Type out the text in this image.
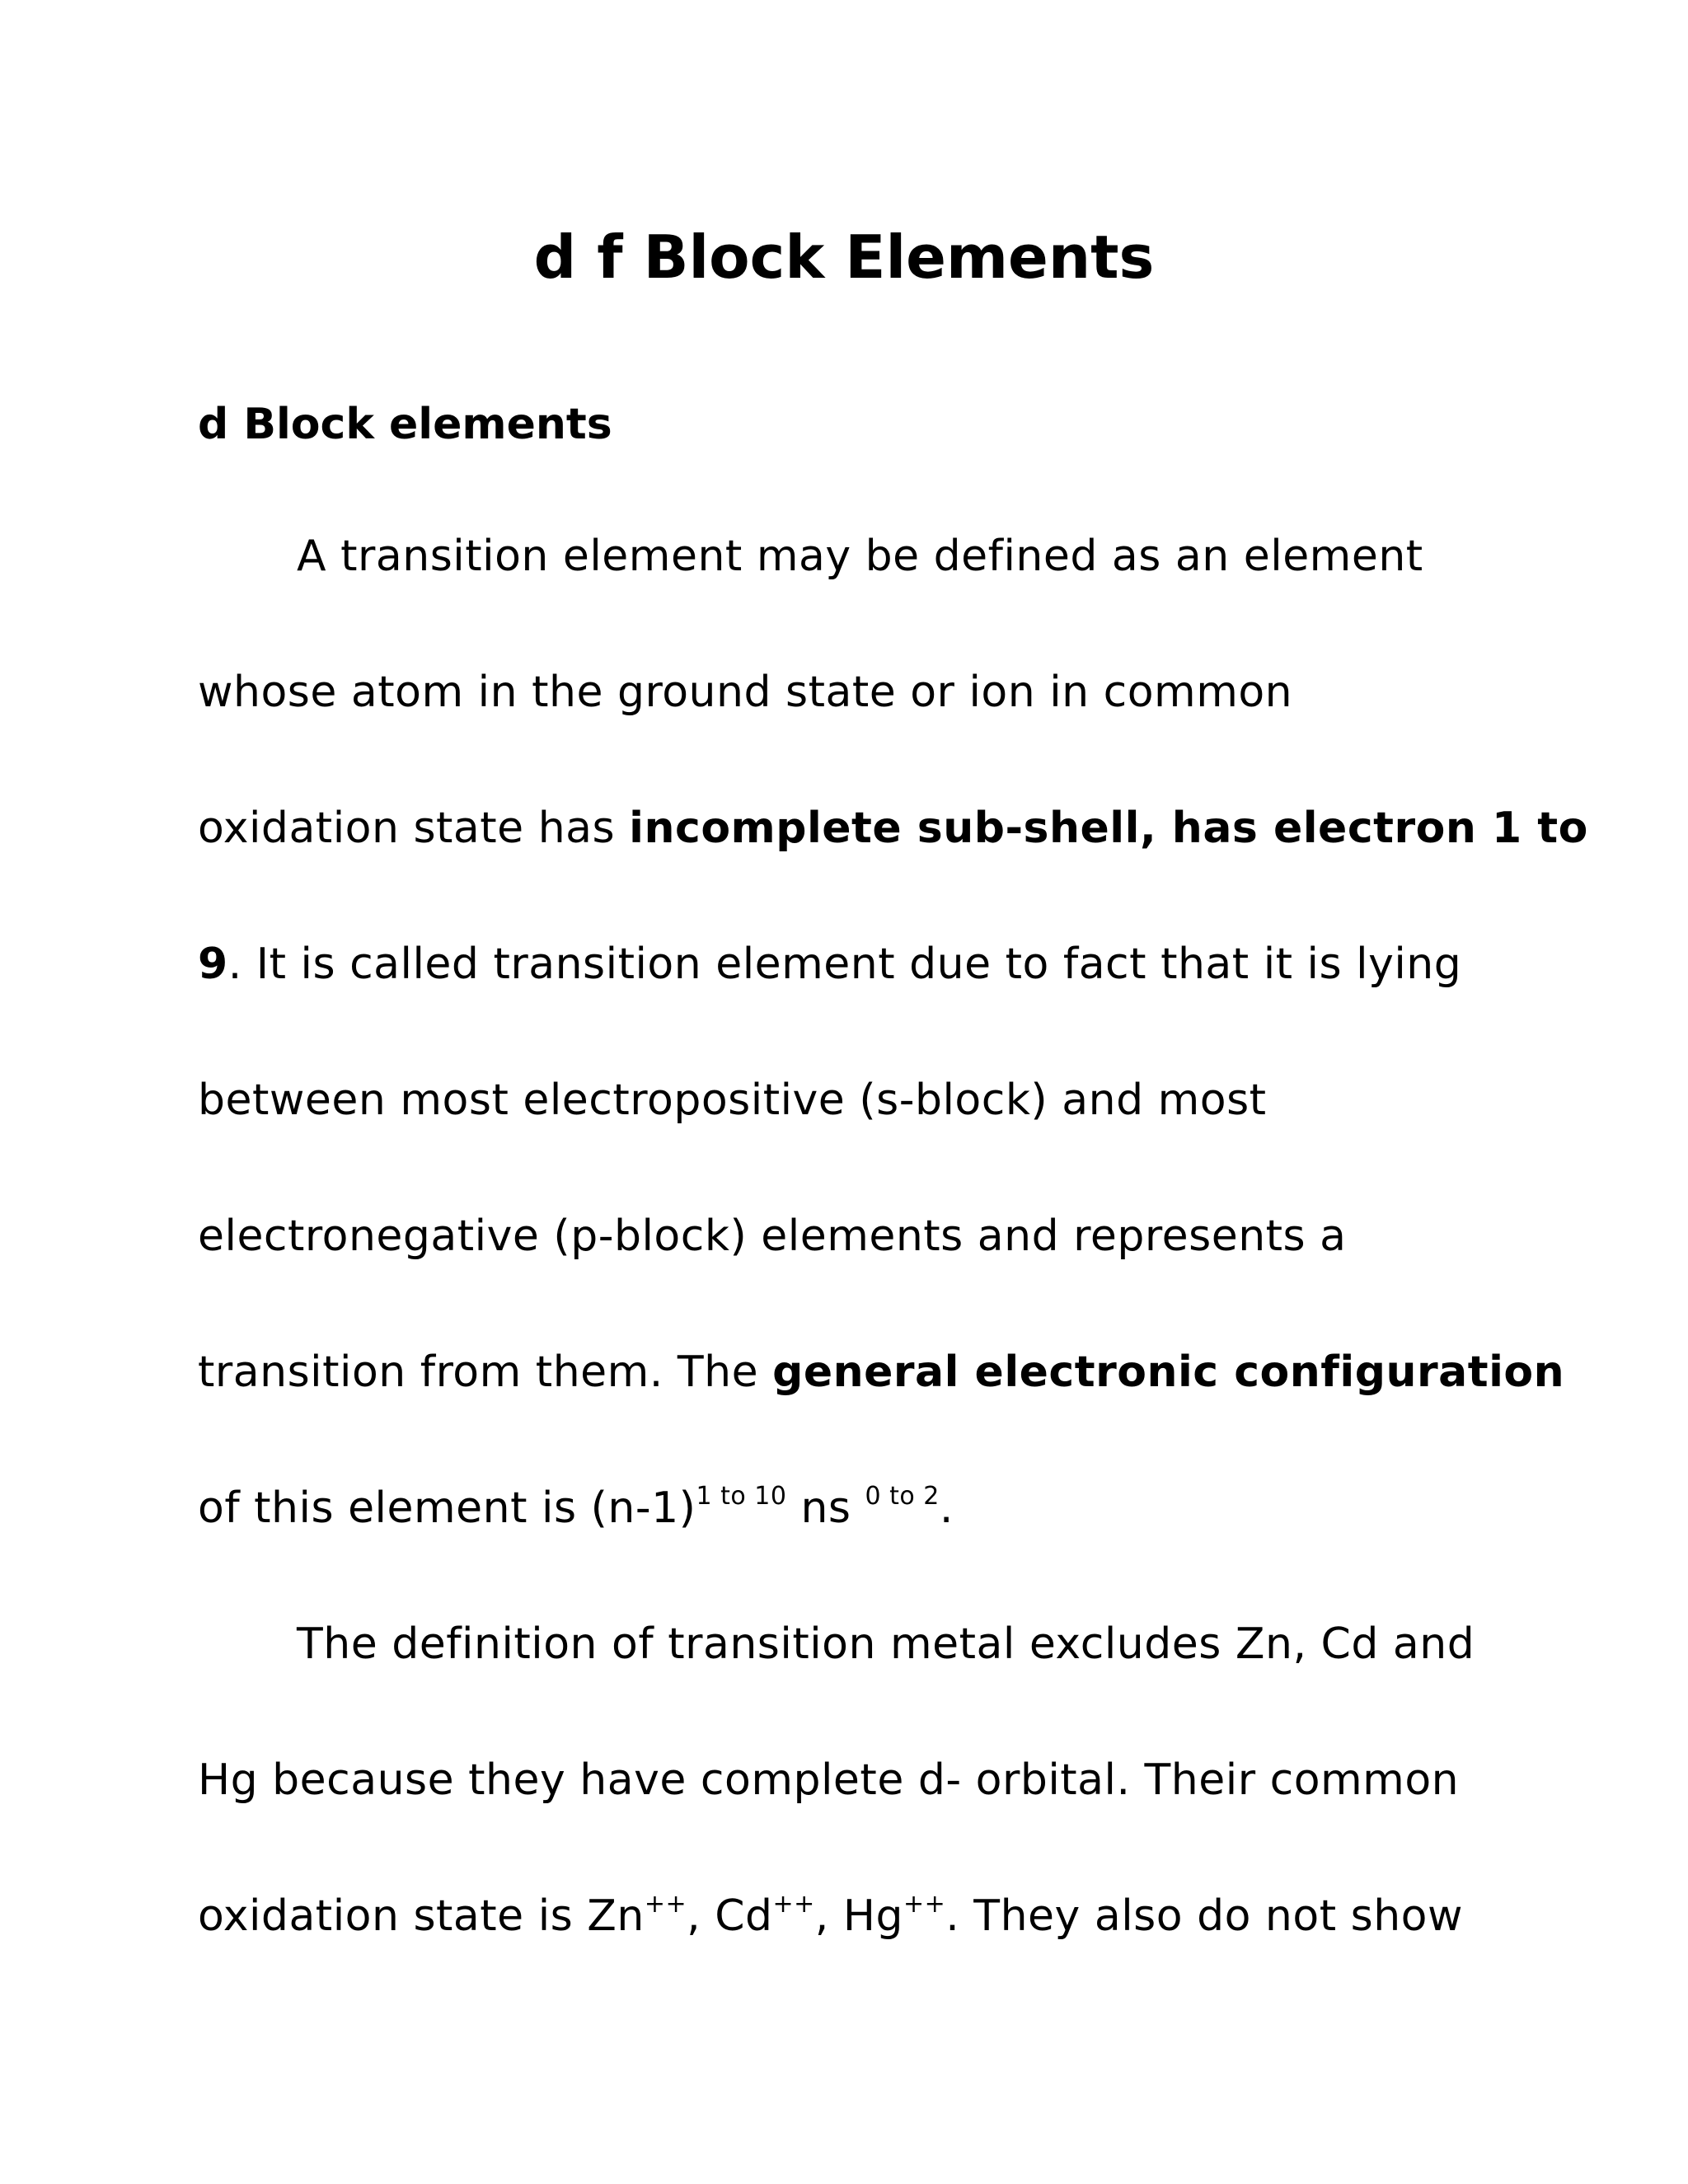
d f Block Elements
d Block elements
A transition element may be defined as an element
whose atom in the ground state or ion in common
oxidation state has incomplete sub-shell, has electron 1 to
9. It is called transition element due to fact that it is lying
between most electropositive (s-block) and most
electronegative (p-block) elements and represents a
transition from them. The general electronic configuration
of this element is $(n-1)^{1 to 10}$ ns $^{0 to 2}$.
The definition of transition metal excludes Zn, Cd and
Hg because they have complete d- orbital. Their common
oxidation state is Zn++, Cd++, Hg++. They also do not show
